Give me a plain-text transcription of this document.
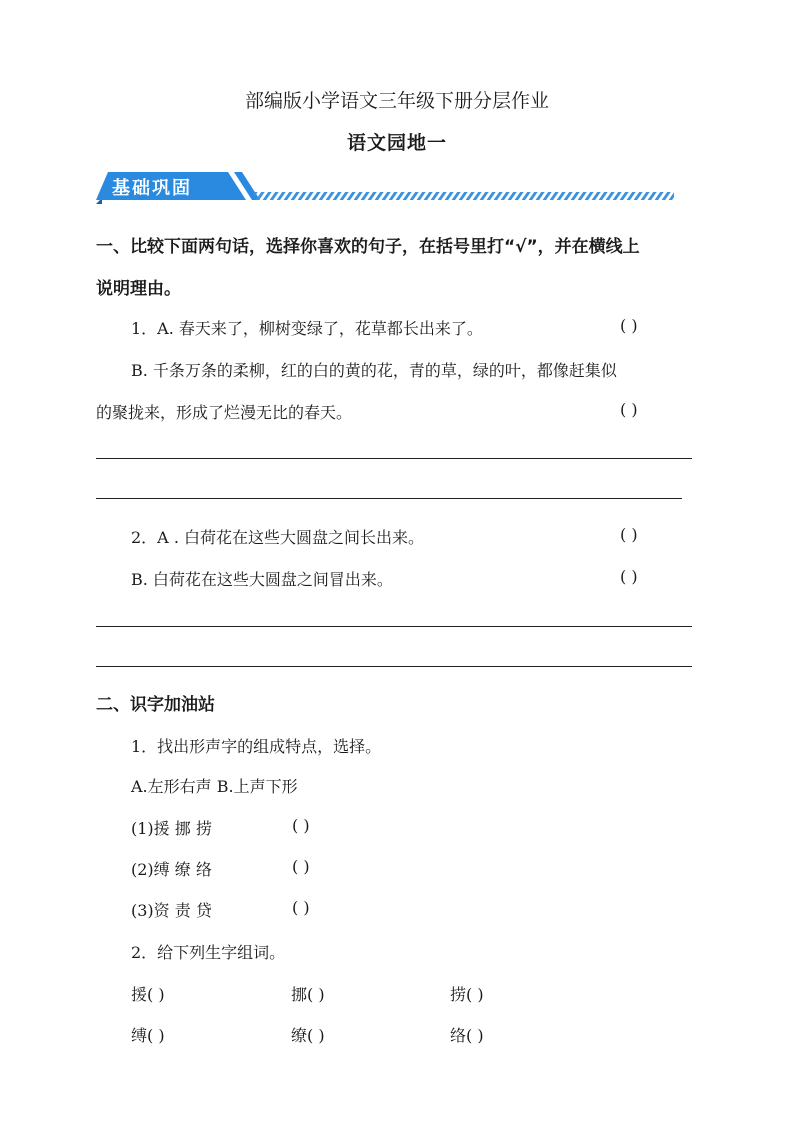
部编版小学语文三年级下册分层作业
语文园地一
基础巩固
一、比较下面两句话，选择你喜欢的句子，在括号里打“√”，并在横线上
说明理由。
1．A. 春天来了，柳树变绿了，花草都长出来了。	( )
B. 千条万条的柔柳，红的白的黄的花，青的草，绿的叶，都像赶集似
的聚拢来，形成了烂漫无比的春天。	( )
2．A . 白荷花在这些大圆盘之间长出来。	( )
B. 白荷花在这些大圆盘之间冒出来。	( )
二、识字加油站
1．找出形声字的组成特点，选择。
A.左形右声 B.上声下形
(1)援 挪 捞	( )
(2)缚 缭 络	( )
(3)资 责 贷	( )
2．给下列生字组词。
援( )	挪( )	捞( )
缚( )	缭( )	络( )
